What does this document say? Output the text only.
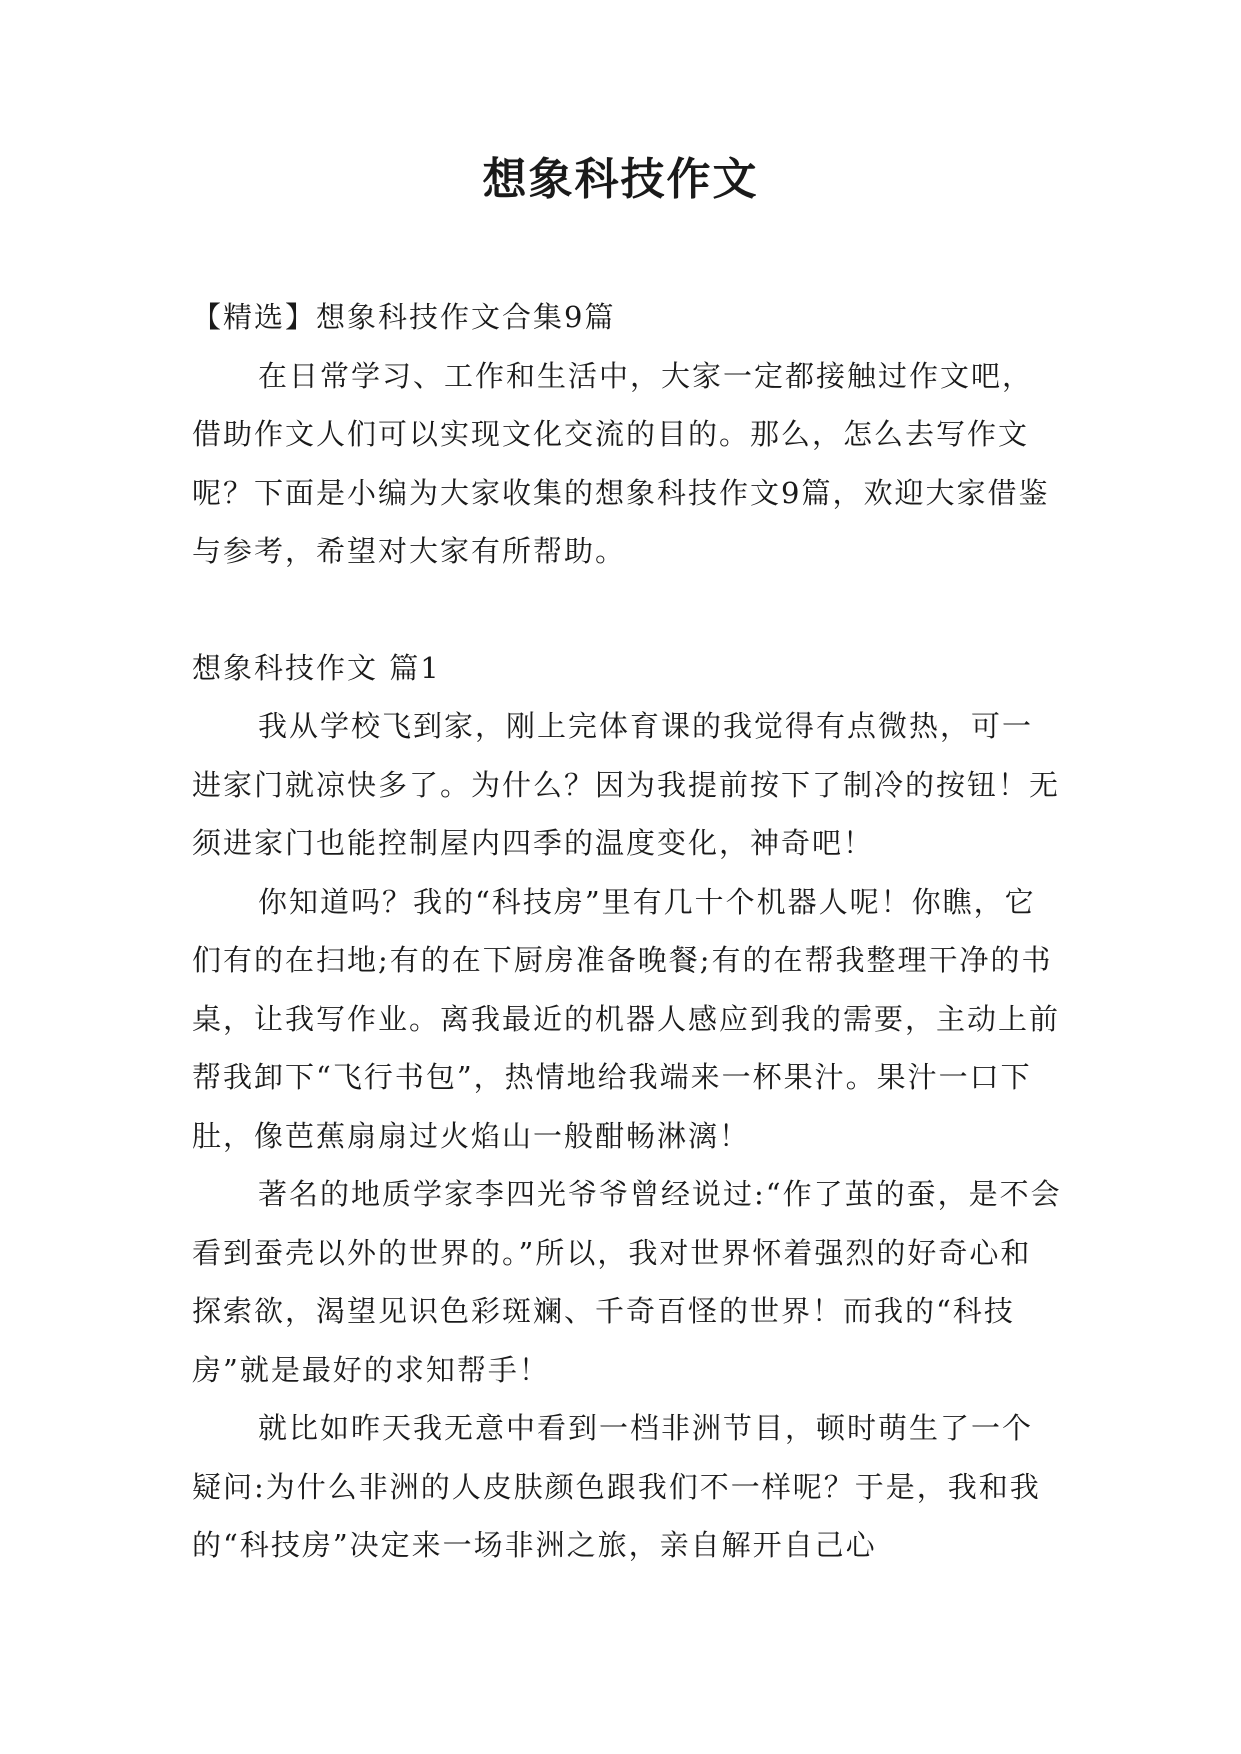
想象科技作文

【精选】想象科技作文合集9篇

在日常学习、工作和生活中，大家一定都接触过作文吧，借助作文人们可以实现文化交流的目的。那么，怎么去写作文呢？下面是小编为大家收集的想象科技作文9篇，欢迎大家借鉴与参考，希望对大家有所帮助。

想象科技作文 篇1

我从学校飞到家，刚上完体育课的我觉得有点微热，可一进家门就凉快多了。为什么？因为我提前按下了制冷的按钮！无须进家门也能控制屋内四季的温度变化，神奇吧！

你知道吗？我的“科技房”里有几十个机器人呢！你瞧，它们有的在扫地;有的在下厨房准备晚餐;有的在帮我整理干净的书桌，让我写作业。离我最近的机器人感应到我的需要，主动上前帮我卸下“飞行书包”，热情地给我端来一杯果汁。果汁一口下肚，像芭蕉扇扇过火焰山一般酣畅淋漓！

著名的地质学家李四光爷爷曾经说过:“作了茧的蚕，是不会看到蚕壳以外的世界的。”所以，我对世界怀着强烈的好奇心和探索欲，渴望见识色彩斑斓、千奇百怪的世界！而我的“科技房”就是最好的求知帮手！

就比如昨天我无意中看到一档非洲节目，顿时萌生了一个疑问:为什么非洲的人皮肤颜色跟我们不一样呢？于是，我和我的“科技房”决定来一场非洲之旅，亲自解开自己心
